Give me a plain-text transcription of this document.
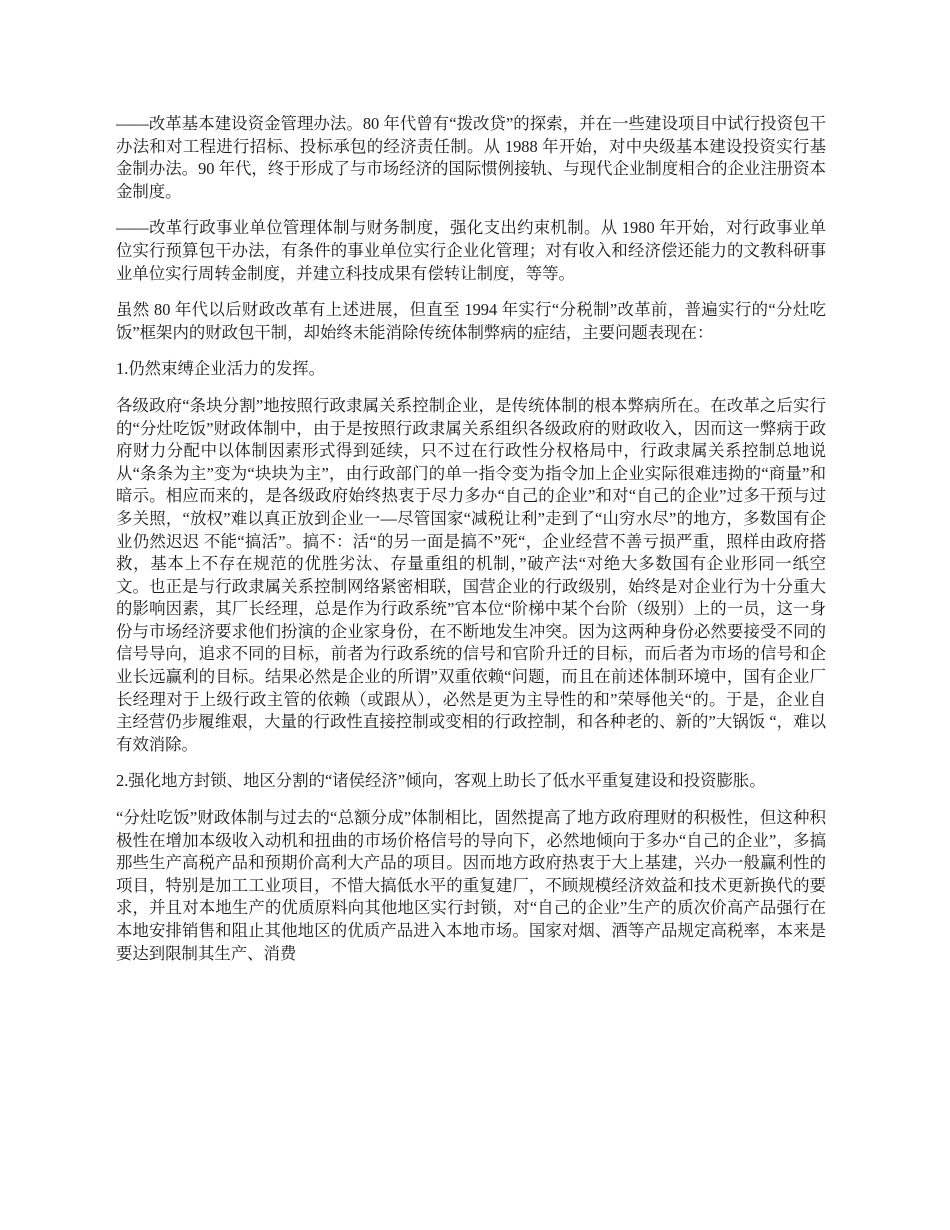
——改革基本建设资金管理办法。80 年代曾有“拨改贷”的探索，并在一些建设项目中试行投资包干办法和对工程进行招标、投标承包的经济责任制。从 1988 年开始，对中央级基本建设投资实行基金制办法。90 年代，终于形成了与市场经济的国际惯例接轨、与现代企业制度相合的企业注册资本金制度。

——改革行政事业单位管理体制与财务制度，强化支出约束机制。从 1980 年开始，对行政事业单位实行预算包干办法，有条件的事业单位实行企业化管理；对有收入和经济偿还能力的文教科研事业单位实行周转金制度，并建立科技成果有偿转让制度，等等。

虽然 80 年代以后财政改革有上述进展，但直至 1994 年实行“分税制”改革前，普遍实行的“分灶吃饭”框架内的财政包干制，却始终未能消除传统体制弊病的症结，主要问题表现在：

1.仍然束缚企业活力的发挥。

各级政府“条块分割”地按照行政隶属关系控制企业，是传统体制的根本弊病所在。在改革之后实行的“分灶吃饭”财政体制中，由于是按照行政隶属关系组织各级政府的财政收入，因而这一弊病于政府财力分配中以体制因素形式得到延续，只不过在行政性分权格局中，行政隶属关系控制总地说从“条条为主”变为“块块为主”，由行政部门的单一指令变为指令加上企业实际很难违拗的“商量”和暗示。相应而来的，是各级政府始终热衷于尽力多办“自己的企业”和对“自己的企业”过多干预与过多关照，“放权”难以真正放到企业一—尽管国家“减税让利”走到了“山穷水尽”的地方，多数国有企业仍然迟迟 不能“搞活”。搞不：活“的另一面是搞不”死“，企业经营不善亏损严重，照样由政府搭救，基本上不存在规范的优胜劣汰、存量重组的机制，”破产法“对绝大多数国有企业形同一纸空文。也正是与行政隶属关系控制网络紧密相联，国营企业的行政级别，始终是对企业行为十分重大的影响因素，其厂长经理，总是作为行政系统”官本位“阶梯中某个台阶（级别）上的一员，这一身份与市场经济要求他们扮演的企业家身份，在不断地发生冲突。因为这两种身份必然要接受不同的信号导向，追求不同的目标，前者为行政系统的信号和官阶升迁的目标，而后者为市场的信号和企业长远赢利的目标。结果必然是企业的所谓”双重依赖“问题，而且在前述体制环境中，国有企业厂长经理对于上级行政主管的依赖（或跟从），必然是更为主导性的和”荣辱他关“的。于是，企业自主经营仍步履维艰，大量的行政性直接控制或变相的行政控制，和各种老的、新的”大锅饭 “，难以有效消除。

2.强化地方封锁、地区分割的“诸侯经济”倾向，客观上助长了低水平重复建设和投资膨胀。

“分灶吃饭”财政体制与过去的“总额分成”体制相比，固然提高了地方政府理财的积极性，但这种积极性在增加本级收入动机和扭曲的市场价格信号的导向下，必然地倾向于多办“自己的企业”，多搞那些生产高税产品和预期价高利大产品的项目。因而地方政府热衷于大上基建，兴办一般赢利性的项目，特别是加工工业项目，不惜大搞低水平的重复建厂，不顾规模经济效益和技术更新换代的要求，并且对本地生产的优质原料向其他地区实行封锁，对“自己的企业”生产的质次价高产品强行在本地安排销售和阻止其他地区的优质产品进入本地市场。国家对烟、酒等产品规定高税率，本来是要达到限制其生产、消费
